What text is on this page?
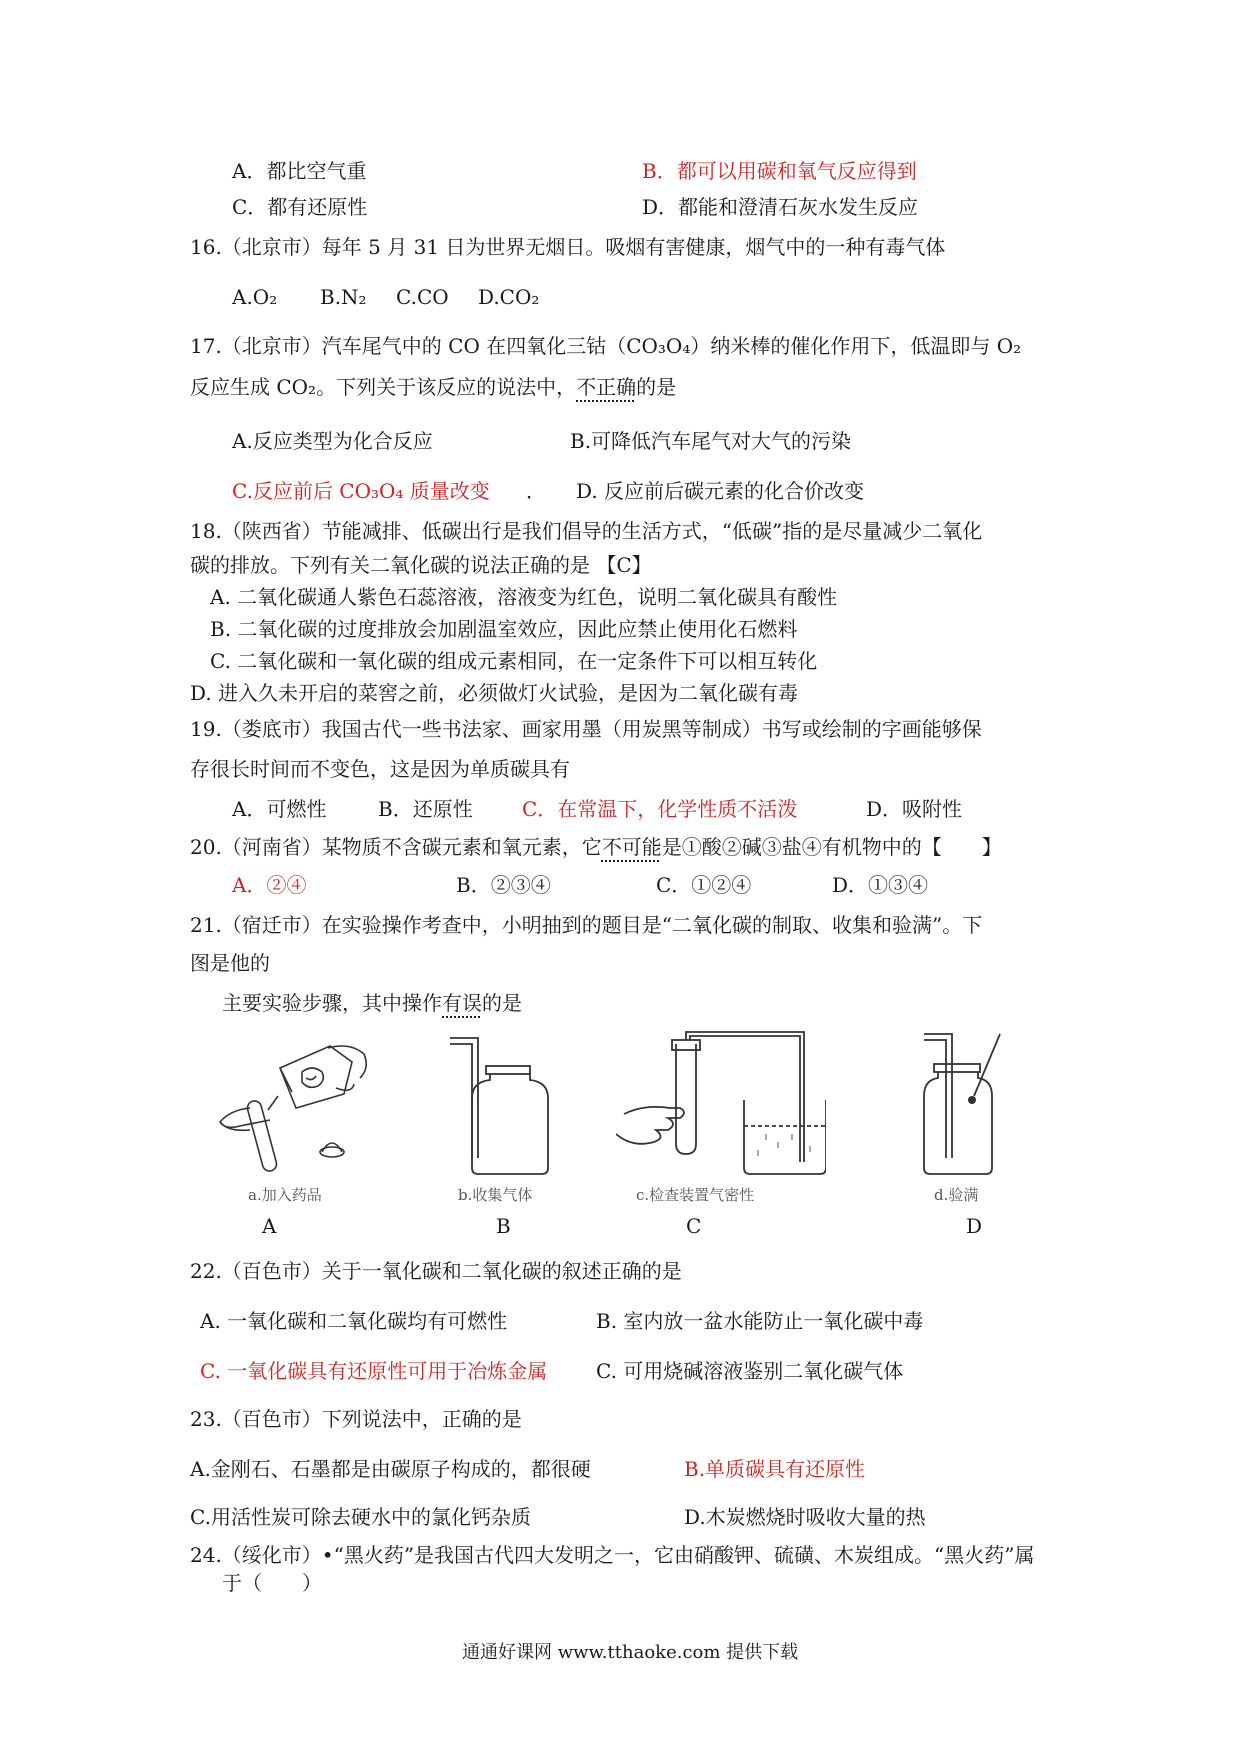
A．都比空气重	B．都可以用碳和氧气反应得到
C．都有还原性	D．都能和澄清石灰水发生反应
16.（北京市）每年 5 月 31 日为世界无烟日。吸烟有害健康，烟气中的一种有毒气体
A.O₂ B.N₂ C.CO D.CO₂
17.（北京市）汽车尾气中的 CO 在四氧化三钴（CO₃O₄）纳米棒的催化作用下，低温即与 O₂
反应生成 CO₂。下列关于该反应的说法中，不正确的是
A.反应类型为化合反应	B.可降低汽车尾气对大气的污染
C.反应前后 CO₃O₄ 质量改变 ． D. 反应前后碳元素的化合价改变
18.（陕西省）节能减排、低碳出行是我们倡导的生活方式，“低碳”指的是尽量减少二氧化
碳的排放。下列有关二氧化碳的说法正确的是 【C】
A. 二氧化碳通人紫色石蕊溶液，溶液变为红色，说明二氧化碳具有酸性
B. 二氧化碳的过度排放会加剧温室效应，因此应禁止使用化石燃料
C. 二氧化碳和一氧化碳的组成元素相同，在一定条件下可以相互转化
D. 进入久未开启的菜窖之前，必须做灯火试验，是因为二氧化碳有毒
19.（娄底市）我国古代一些书法家、画家用墨（用炭黑等制成）书写或绘制的字画能够保
存很长时间而不变色，这是因为单质碳具有
A．可燃性	B．还原性 C．在常温下，化学性质不活泼	D．吸附性
20.（河南省）某物质不含碳元素和氧元素，它不可能是①酸②碱③盐④有机物中的【　　】
A．②④	B．②③④	C．①②④	D．①③④
21.（宿迁市）在实验操作考查中，小明抽到的题目是“二氧化碳的制取、收集和验满”。下
图是他的
主要实验步骤，其中操作有误的是
a.加入药品
A
b.收集气体
B
c.检查装置气密性
C
d.验满
D
22.（百色市）关于一氧化碳和二氧化碳的叙述正确的是
A. 一氧化碳和二氧化碳均有可燃性	B. 室内放一盆水能防止一氧化碳中毒
C. 一氧化碳具有还原性可用于冶炼金属 C. 可用烧碱溶液鉴别二氧化碳气体
23.（百色市）下列说法中，正确的是
A.金刚石、石墨都是由碳原子构成的，都很硬	B.单质碳具有还原性
C.用活性炭可除去硬水中的氯化钙杂质	D.木炭燃烧时吸收大量的热
24.（绥化市）•“黑火药”是我国古代四大发明之一，它由硝酸钾、硫磺、木炭组成。“黑火药”属
于（　　）
通通好课网 www.tthaoke.com 提供下载
